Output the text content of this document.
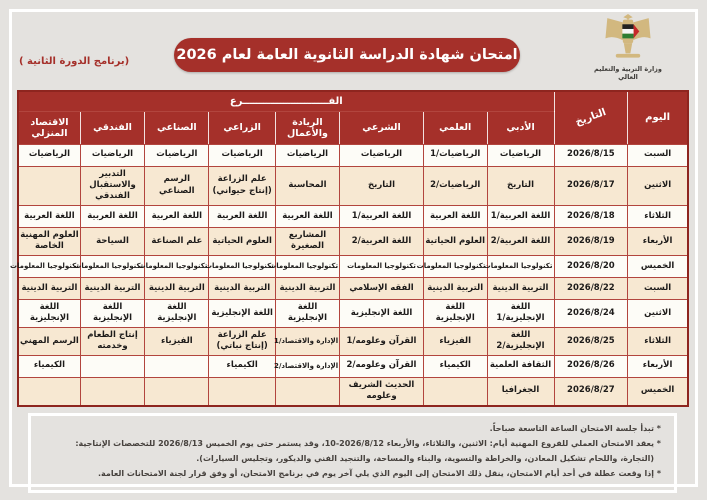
وزارة التربية والتعليم العالي
امتحان شهادة الدراسة الثانوية العامة لعام 2026
(برنامج الدورة الثانية )
اليوم	التاريخ	الفـــــــــــــــــــــــــرع							
		الأدبي	العلمي	الشرعي	الريادة والأعمال	الزراعي	الصناعي	الفندقي	الاقتصاد المنزلي
السبت	2026/8/15	الرياضيات	الرياضيات/1	الرياضيات	الرياضيات	الرياضيات	الرياضيات	الرياضيات	الرياضيات
الاثنين	2026/8/17	التاريخ	الرياضيات/2	التاريخ	المحاسبة	علم الزراعة (إنتاج حيواني)	الرسم الصناعي	التدبير والاستقبال الفندقي	
الثلاثاء	2026/8/18	اللغة العربية/1	اللغة العربية	اللغة العربية/1	اللغة العربية	اللغة العربية	اللغة العربية	اللغة العربية	اللغة العربية
الأربعاء	2026/8/19	اللغة العربية/2	العلوم الحياتية	اللغة العربية/2	المشاريع الصغيرة	العلوم الحياتية	علم الصناعة	السياحة	العلوم المهنية الخاصة
الخميس	2026/8/20	تكنولوجيا المعلومات	تكنولوجيا المعلومات	تكنولوجيا المعلومات	تكنولوجيا المعلومات	تكنولوجيا المعلومات	تكنولوجيا المعلومات	تكنولوجيا المعلومات	تكنولوجيا المعلومات
السبت	2026/8/22	التربية الدينية	التربية الدينية	الفقه الإسلامي	التربية الدينية	التربية الدينية	التربية الدينية	التربية الدينية	التربية الدينية
الاثنين	2026/8/24	اللغة الإنجليزية/1	اللغة الإنجليزية	اللغة الإنجليزية	اللغة الإنجليزية	اللغة الإنجليزية	اللغة الإنجليزية	اللغة الإنجليزية	اللغة الإنجليزية
الثلاثاء	2026/8/25	اللغة الإنجليزية/2	الفيزياء	القرآن وعلومه/1	الإدارة والاقتصاد/1	علم الزراعة (إنتاج نباتي)	الفيزياء	إنتاج الطعام وخدمته	الرسم المهني
الأربعاء	2026/8/26	الثقافة العلمية	الكيمياء	القرآن وعلومه/2	الإدارة والاقتصاد/2	الكيمياء			الكيمياء
الخميس	2026/8/27	الجغرافيا		الحديث الشريف وعلومه					

* تبدأ جلسة الامتحان الساعة التاسعة صباحاً.

* يعقد الامتحان العملي للفروع المهنية أيام: الاثنين، والثلاثاء، والأربعاء 2026/8/12-10، وقد يستمر حتى يوم الخميس 2026/8/13 للتخصصات الإنتاجية:

(التجارة، واللحام تشكيل المعادن، والخراطة والتسوية، والبناء والمساحة، والتنجيد الفني والديكور، وتجليس السيارات).

* إذا وقعت عطلة في أحد أيام الامتحان، ينقل ذلك الامتحان إلى اليوم الذي يلي آخر يوم في برنامج الامتحان، أو وفق قرار لجنة الامتحانات العامة.
